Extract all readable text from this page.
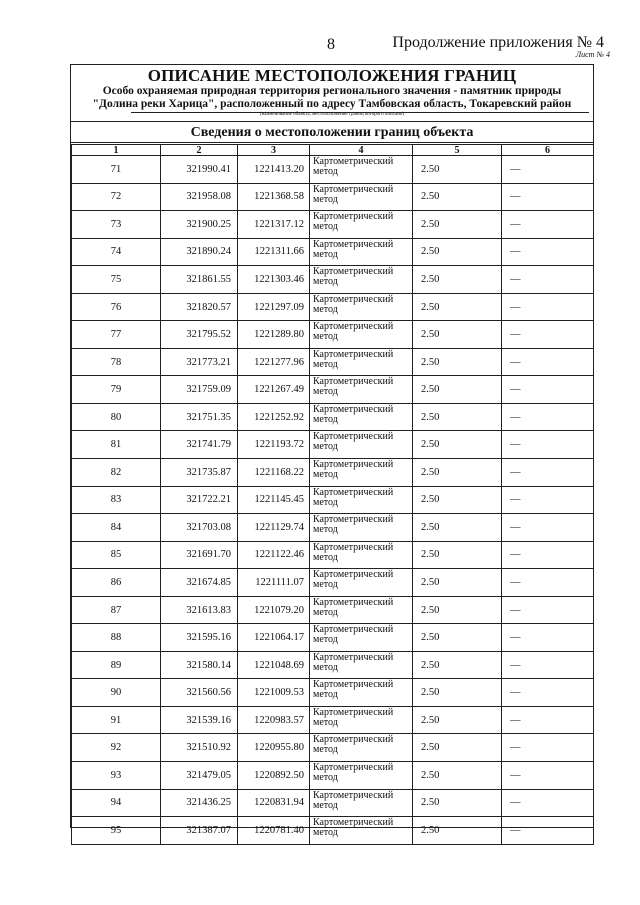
8	Продолжение приложения № 4
Лист № 4
ОПИСАНИЕ МЕСТОПОЛОЖЕНИЯ ГРАНИЦ
Особо охраняемая природная территория регионального значения - памятник природы
"Долина реки Харица", расположенный по адресу Тамбовская область, Токаревский район
(наименование объекта, местоположение границ которого описано)
Сведения о местоположении границ объекта
1	2	3	4	5	6
71	321990.41	1221413.20	Картометрический метод	2.50	—
72	321958.08	1221368.58	Картометрический метод	2.50	—
73	321900.25	1221317.12	Картометрический метод	2.50	—
74	321890.24	1221311.66	Картометрический метод	2.50	—
75	321861.55	1221303.46	Картометрический метод	2.50	—
76	321820.57	1221297.09	Картометрический метод	2.50	—
77	321795.52	1221289.80	Картометрический метод	2.50	—
78	321773.21	1221277.96	Картометрический метод	2.50	—
79	321759.09	1221267.49	Картометрический метод	2.50	—
80	321751.35	1221252.92	Картометрический метод	2.50	—
81	321741.79	1221193.72	Картометрический метод	2.50	—
82	321735.87	1221168.22	Картометрический метод	2.50	—
83	321722.21	1221145.45	Картометрический метод	2.50	—
84	321703.08	1221129.74	Картометрический метод	2.50	—
85	321691.70	1221122.46	Картометрический метод	2.50	—
86	321674.85	1221111.07	Картометрический метод	2.50	—
87	321613.83	1221079.20	Картометрический метод	2.50	—
88	321595.16	1221064.17	Картометрический метод	2.50	—
89	321580.14	1221048.69	Картометрический метод	2.50	—
90	321560.56	1221009.53	Картометрический метод	2.50	—
91	321539.16	1220983.57	Картометрический метод	2.50	—
92	321510.92	1220955.80	Картометрический метод	2.50	—
93	321479.05	1220892.50	Картометрический метод	2.50	—
94	321436.25	1220831.94	Картометрический метод	2.50	—
95	321387.07	1220781.40	Картометрический метод	2.50	—
